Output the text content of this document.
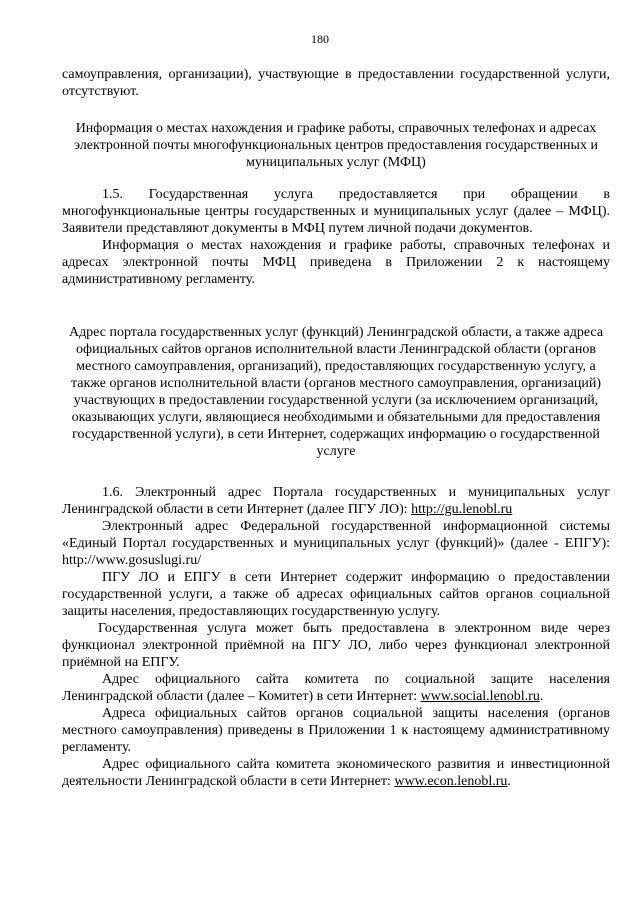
180

самоуправления, организации), участвующие в предоставлении государственной услуги, отсутствуют.

Информация о местах нахождения и графике работы, справочных телефонах и адресах электронной почты многофункциональных центров предоставления государственных и муниципальных услуг (МФЦ)

1.5. Государственная услуга предоставляется при обращении в многофункциональные центры государственных и муниципальных услуг (далее – МФЦ). Заявители представляют документы в МФЦ путем личной подачи документов.

Информация о местах нахождения и графике работы, справочных телефонах и адресах электронной почты МФЦ приведена в Приложении 2 к настоящему административному регламенту.

Адрес портала государственных услуг (функций) Ленинградской области, а также адреса официальных сайтов органов исполнительной власти Ленинградской области (органов местного самоуправления, организаций), предоставляющих государственную услугу, а также органов исполнительной власти (органов местного самоуправления, организаций) участвующих в предоставлении государственной услуги (за исключением организаций, оказывающих услуги, являющиеся необходимыми и обязательными для предоставления государственной услуги), в сети Интернет, содержащих информацию о государственной услуге

1.6. Электронный адрес Портала государственных и муниципальных услуг Ленинградской области в сети Интернет (далее ПГУ ЛО): http://gu.lenobl.ru

Электронный адрес Федеральной государственной информационной системы «Единый Портал государственных и муниципальных услуг (функций)» (далее - ЕПГУ): http://www.gosuslugi.ru/

ПГУ ЛО и ЕПГУ в сети Интернет содержит информацию о предоставлении государственной услуги, а также об адресах официальных сайтов органов социальной защиты населения, предоставляющих государственную услугу.

Государственная услуга может быть предоставлена в электронном виде через функционал электронной приёмной на ПГУ ЛО, либо через функционал электронной приёмной на ЕПГУ.

Адрес официального сайта комитета по социальной защите населения Ленинградской области (далее – Комитет) в сети Интернет: www.social.lenobl.ru.

Адреса официальных сайтов органов социальной защиты населения (органов местного самоуправления) приведены в Приложении 1 к настоящему административному регламенту.

Адрес официального сайта комитета экономического развития и инвестиционной деятельности Ленинградской области в сети Интернет: www.econ.lenobl.ru.
